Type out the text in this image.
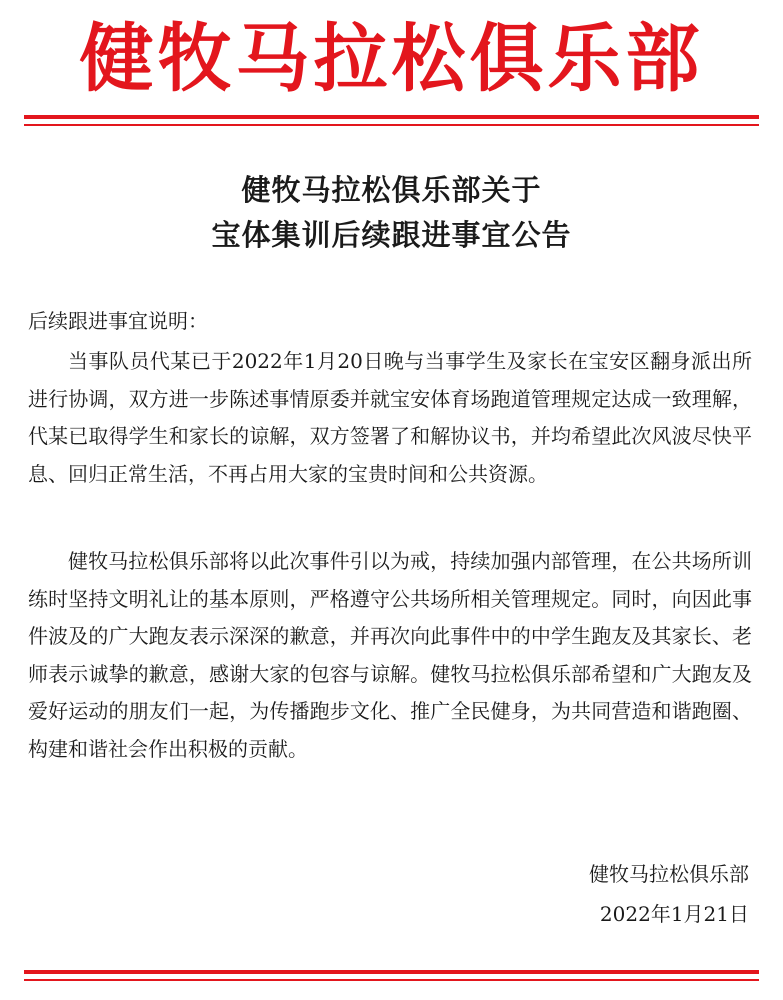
健牧马拉松俱乐部
健牧马拉松俱乐部关于
宝体集训后续跟进事宜公告
后续跟进事宜说明：

当事队员代某已于2022年1月20日晚与当事学生及家长在宝安区翻身派出所进行协调，双方进一步陈述事情原委并就宝安体育场跑道管理规定达成一致理解，代某已取得学生和家长的谅解，双方签署了和解协议书，并均希望此次风波尽快平息、回归正常生活，不再占用大家的宝贵时间和公共资源。

健牧马拉松俱乐部将以此次事件引以为戒，持续加强内部管理，在公共场所训练时坚持文明礼让的基本原则，严格遵守公共场所相关管理规定。同时，向因此事件波及的广大跑友表示深深的歉意，并再次向此事件中的中学生跑友及其家长、老师表示诚挚的歉意，感谢大家的包容与谅解。健牧马拉松俱乐部希望和广大跑友及爱好运动的朋友们一起，为传播跑步文化、推广全民健身，为共同营造和谐跑圈、构建和谐社会作出积极的贡献。

健牧马拉松俱乐部
2022年1月21日
